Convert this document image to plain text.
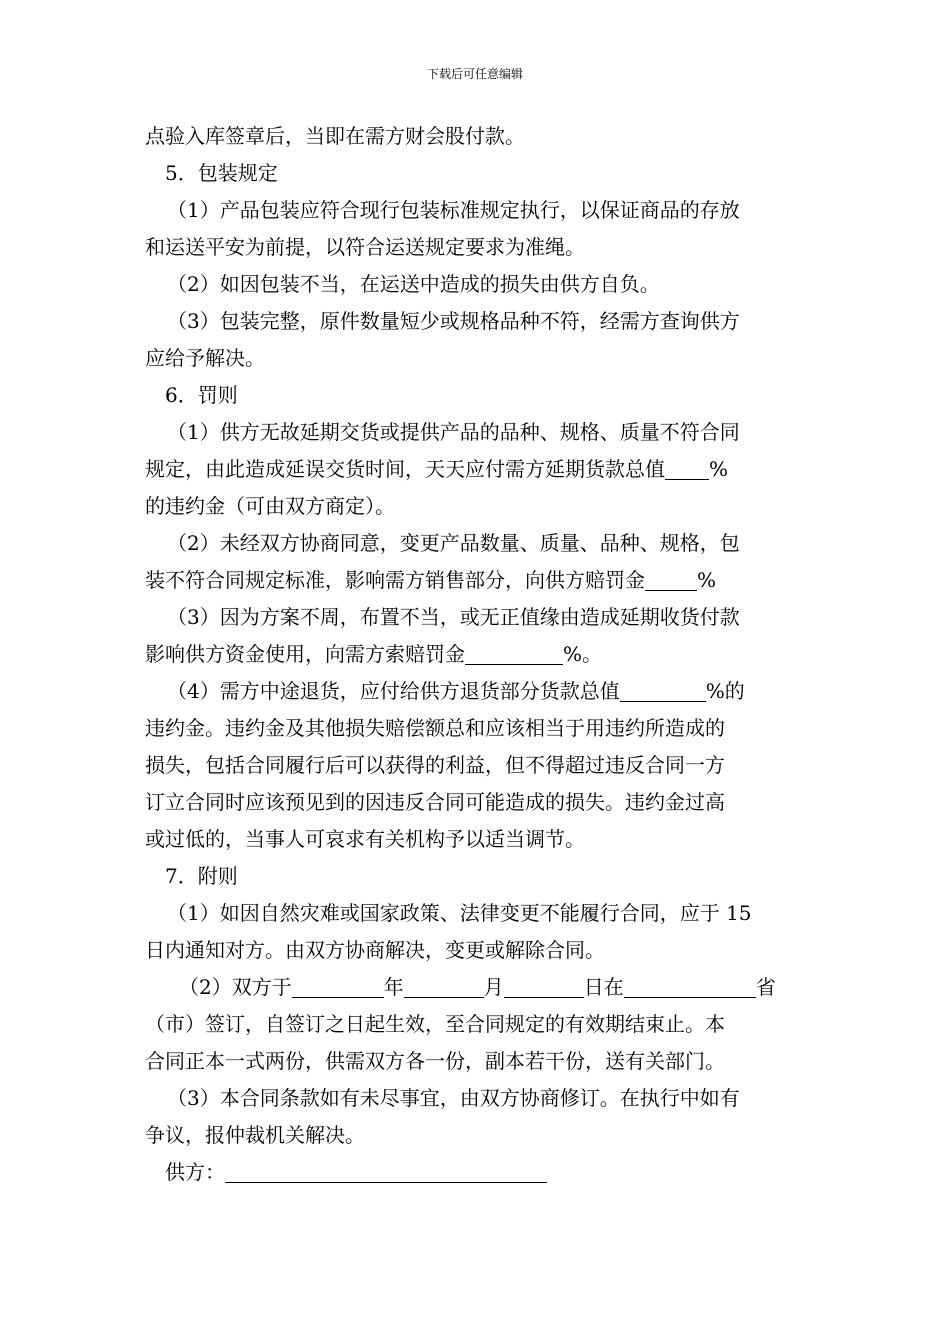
下载后可任意编辑
点验入库签章后，当即在需方财会股付款。
5．包装规定
（1）产品包装应符合现行包装标准规定执行，以保证商品的存放
和运送平安为前提，以符合运送规定要求为准绳。
（2）如因包装不当，在运送中造成的损失由供方自负。
（3）包装完整，原件数量短少或规格品种不符，经需方查询供方
应给予解决。
6．罚则
（1）供方无故延期交货或提供产品的品种、规格、质量不符合同
规定，由此造成延误交货时间，天天应付需方延期货款总值 %
的违约金（可由双方商定）。
（2）未经双方协商同意，变更产品数量、质量、品种、规格，包
装不符合同规定标准，影响需方销售部分，向供方赔罚金	%
（3）因为方案不周，布置不当，或无正值缘由造成延期收货付款
影响供方资金使用，向需方索赔罚金	%。
（4）需方中途退货，应付给供方退货部分货款总值	%的
违约金。违约金及其他损失赔偿额总和应该相当于用违约所造成的
损失，包括合同履行后可以获得的利益，但不得超过违反合同一方
订立合同时应该预见到的因违反合同可能造成的损失。违约金过高
或过低的，当事人可哀求有关机构予以适当调节。
7．附则
（1）如因自然灾难或国家政策、法律变更不能履行合同，应于 15
日内通知对方。由双方协商解决，变更或解除合同。
（2）双方于	年	月	日在	省
（市）签订，自签订之日起生效，至合同规定的有效期结束止。本
合同正本一式两份，供需双方各一份，副本若干份，送有关部门。
（3）本合同条款如有未尽事宜，由双方协商修订。在执行中如有
争议，报仲裁机关解决。
供方：
